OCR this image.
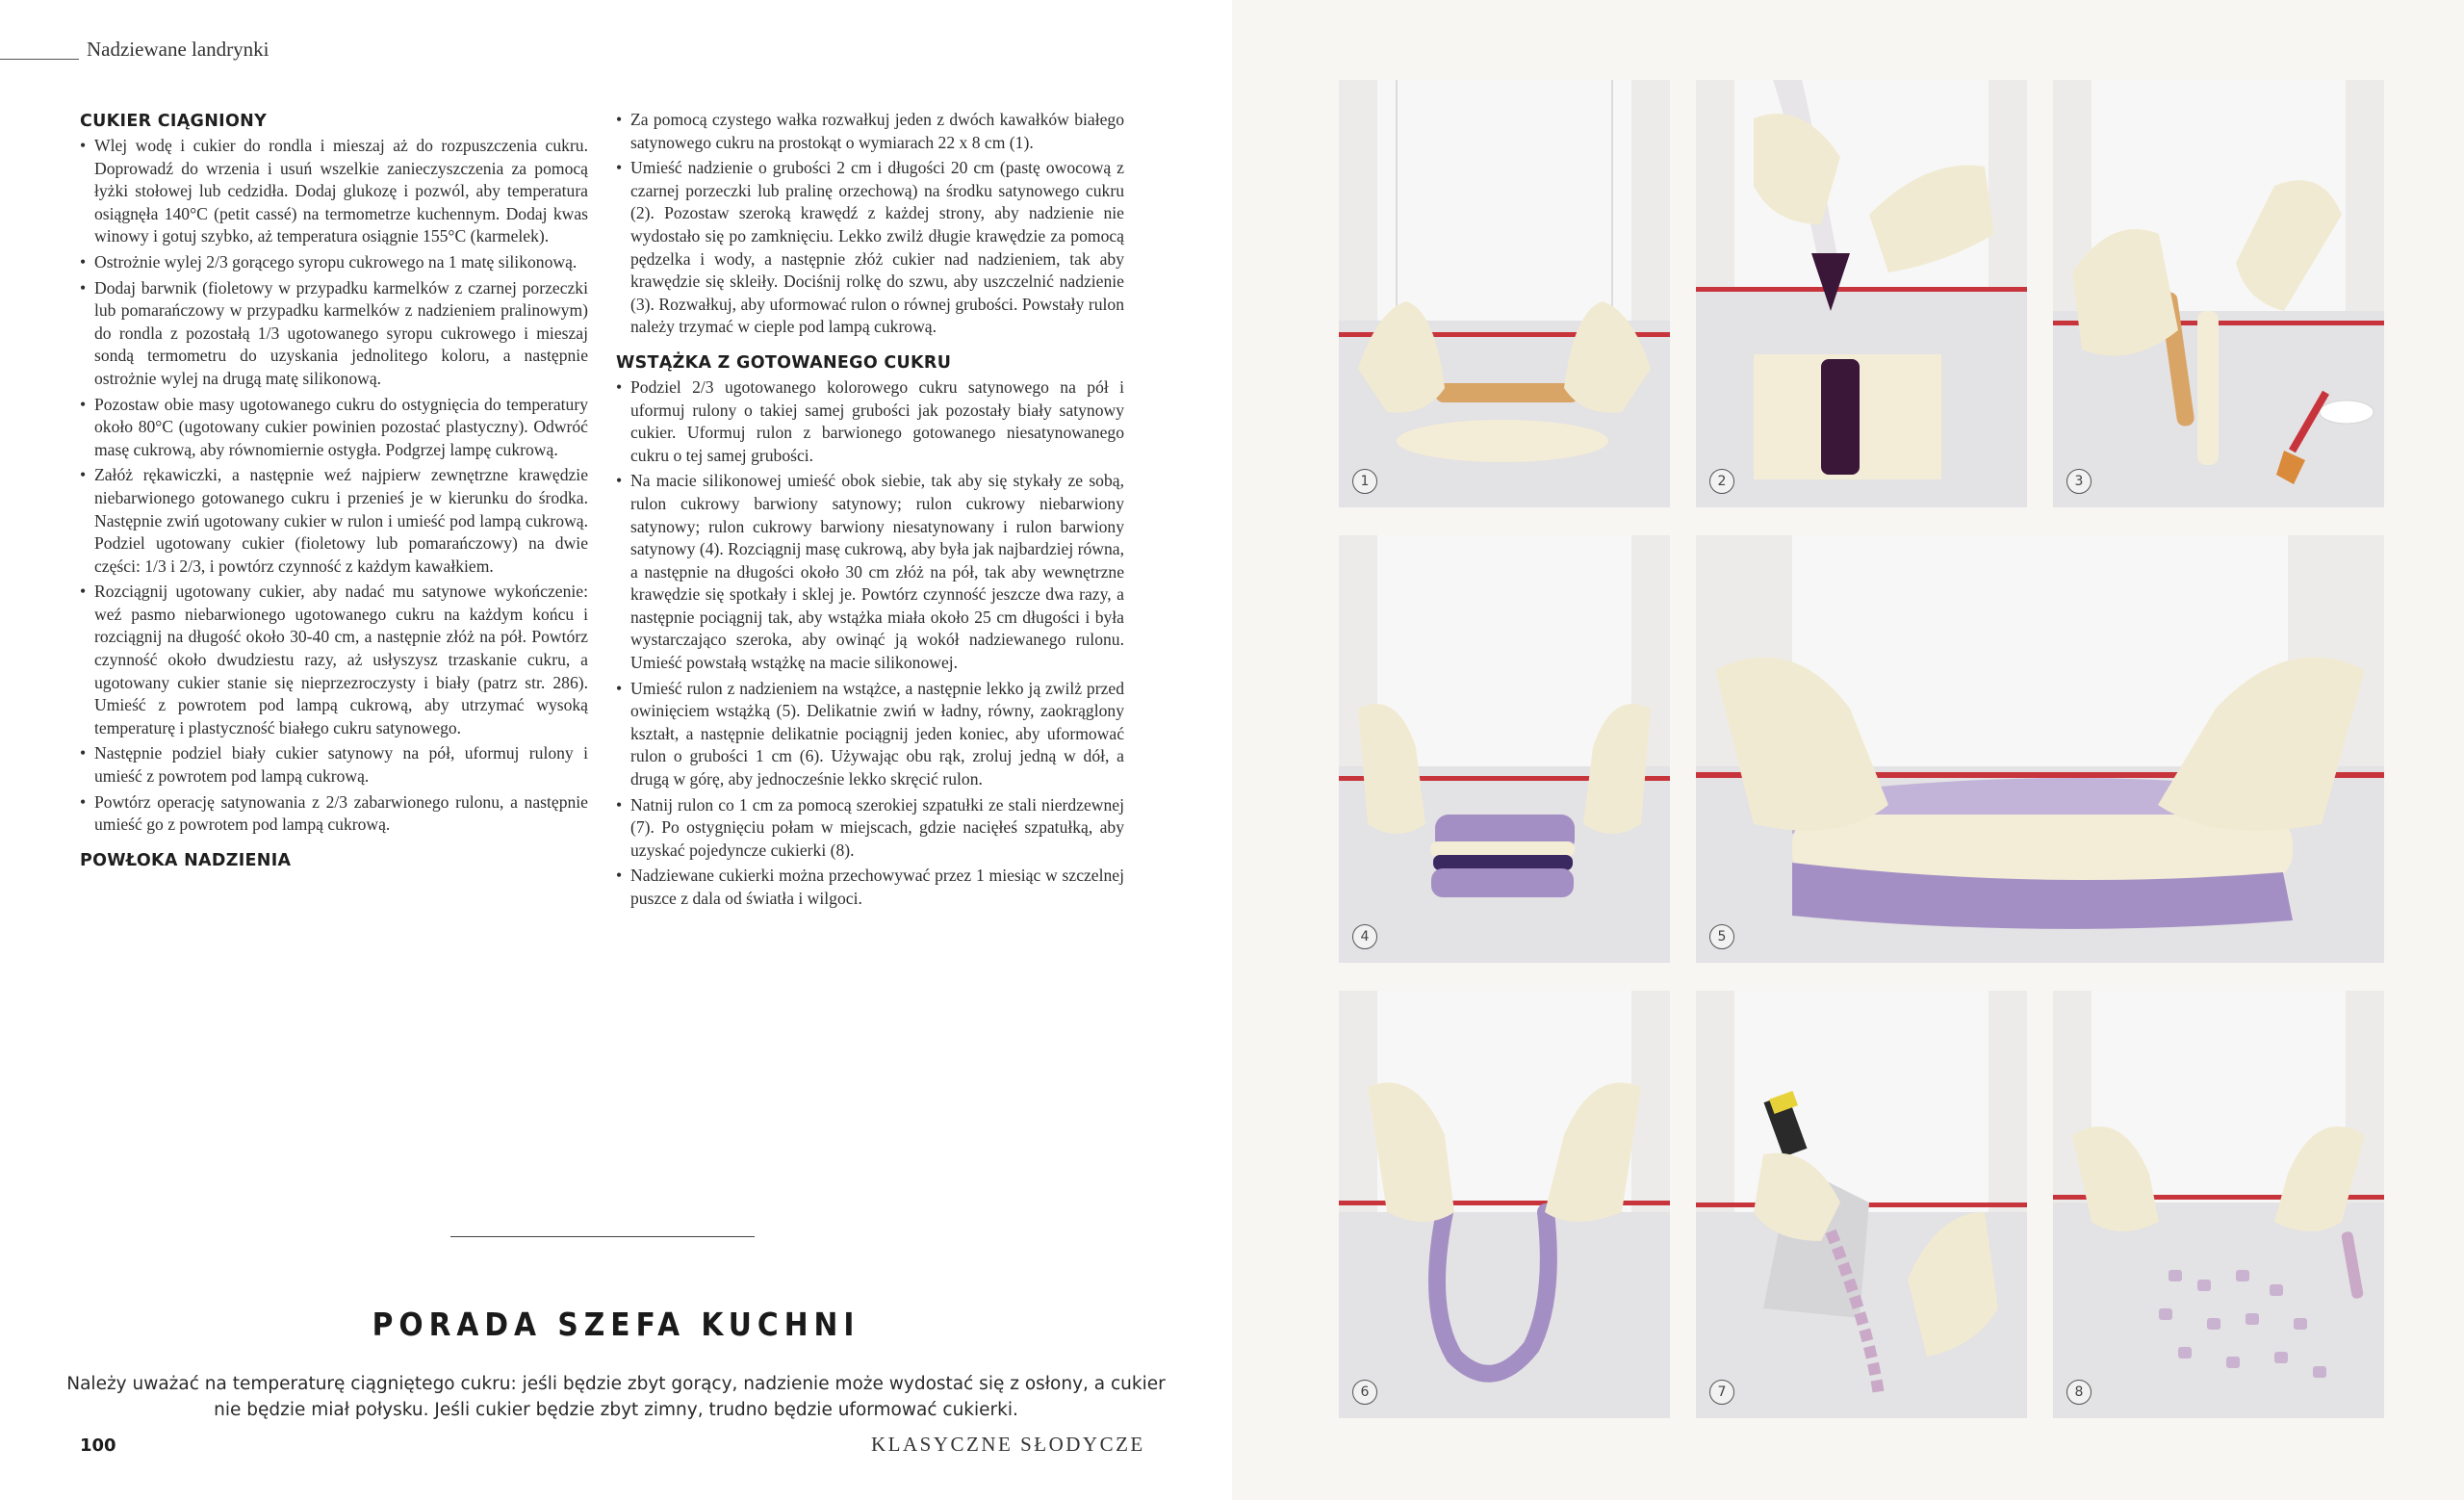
Nadziewane landrynki
CUKIER CIĄGNIONY
• Wlej wodę i cukier do rondla i mieszaj aż do rozpuszczenia cukru. Doprowadź do wrzenia i usuń wszelkie zanieczyszczenia za pomocą łyżki stołowej lub cedzidła. Dodaj glukozę i pozwól, aby temperatura osiągnęła 140°C (petit cassé) na termometrze kuchennym. Dodaj kwas winowy i gotuj szybko, aż temperatura osiągnie 155°C (karmelek).
• Ostrożnie wylej 2/3 gorącego syropu cukrowego na 1 matę silikonową.
• Dodaj barwnik (fioletowy w przypadku karmelków z czarnej porzeczki lub pomarańczowy w przypadku karmelków z nadzieniem pralinowym) do rondla z pozostałą 1/3 ugotowanego syropu cukrowego i mieszaj sondą termometru do uzyskania jednolitego koloru, a następnie ostrożnie wylej na drugą matę silikonową.
• Pozostaw obie masy ugotowanego cukru do ostygnięcia do temperatury około 80°C (ugotowany cukier powinien pozostać plastyczny). Odwróć masę cukrową, aby równomiernie ostygła. Podgrzej lampę cukrową.
• Załóż rękawiczki, a następnie weź najpierw zewnętrzne krawędzie niebarwionego gotowanego cukru i przenieś je w kierunku do środka. Następnie zwiń ugotowany cukier w rulon i umieść pod lampą cukrową. Podziel ugotowany cukier (fioletowy lub pomarańczowy) na dwie części: 1/3 i 2/3, i powtórz czynność z każdym kawałkiem.
• Rozciągnij ugotowany cukier, aby nadać mu satynowe wykończenie: weź pasmo niebarwionego ugotowanego cukru na każdym końcu i rozciągnij na długość około 30-40 cm, a następnie złóż na pół. Powtórz czynność około dwudziestu razy, aż usłyszysz trzaskanie cukru, a ugotowany cukier stanie się nieprzezroczysty i biały (patrz str. 286). Umieść z powrotem pod lampą cukrową, aby utrzymać wysoką temperaturę i plastyczność białego cukru satynowego.
• Następnie podziel biały cukier satynowy na pół, uformuj rulony i umieść z powrotem pod lampą cukrową.
• Powtórz operację satynowania z 2/3 zabarwionego rulonu, a następnie umieść go z powrotem pod lampą cukrową.
POWŁOKA NADZIENIA
• Za pomocą czystego wałka rozwałkuj jeden z dwóch kawałków białego satynowego cukru na prostokąt o wymiarach 22 x 8 cm (1).
• Umieść nadzienie o grubości 2 cm i długości 20 cm (pastę owocową z czarnej porzeczki lub pralinę orzechową) na środku satynowego cukru (2). Pozostaw szeroką krawędź z każdej strony, aby nadzienie nie wydostało się po zamknięciu. Lekko zwilż długie krawędzie za pomocą pędzelka i wody, a następnie złóż cukier nad nadzieniem, tak aby krawędzie się skleiły. Dociśnij rolkę do szwu, aby uszczelnić nadzienie (3). Rozwałkuj, aby uformować rulon o równej grubości. Powstały rulon należy trzymać w cieple pod lampą cukrową.
WSTĄŻKA Z GOTOWANEGO CUKRU
• Podziel 2/3 ugotowanego kolorowego cukru satynowego na pół i uformuj rulony o takiej samej grubości jak pozostały biały satynowy cukier. Uformuj rulon z barwionego gotowanego niesatynowanego cukru o tej samej grubości.
• Na macie silikonowej umieść obok siebie, tak aby się stykały ze sobą, rulon cukrowy barwiony satynowy; rulon cukrowy niebarwiony satynowy; rulon cukrowy barwiony niesatynowany i rulon barwiony satynowy (4). Rozciągnij masę cukrową, aby była jak najbardziej równa, a następnie na długości około 30 cm złóż na pół, tak aby wewnętrzne krawędzie się spotkały i sklej je. Powtórz czynność jeszcze dwa razy, a następnie pociągnij tak, aby wstążka miała około 25 cm długości i była wystarczająco szeroka, aby owinąć ją wokół nadziewanego rulonu. Umieść powstałą wstążkę na macie silikonowej.
• Umieść rulon z nadzieniem na wstążce, a następnie lekko ją zwilż przed owinięciem wstążką (5). Delikatnie zwiń w ładny, równy, zaokrąglony kształt, a następnie delikatnie pociągnij jeden koniec, aby uformować rulon o grubości 1 cm (6). Używając obu rąk, zroluj jedną w dół, a drugą w górę, aby jednocześnie lekko skręcić rulon.
• Natnij rulon co 1 cm za pomocą szerokiej szpatułki ze stali nierdzewnej (7). Po ostygnięciu połam w miejscach, gdzie nacięłeś szpatułką, aby uzyskać pojedyncze cukierki (8).
• Nadziewane cukierki można przechowywać przez 1 miesiąc w szczelnej puszce z dala od światła i wilgoci.
PORADA SZEFA KUCHNI
Należy uważać na temperaturę ciągniętego cukru: jeśli będzie zbyt gorący, nadzienie może wydostać się z osłony, a cukier nie będzie miał połysku. Jeśli cukier będzie zbyt zimny, trudno będzie uformować cukierki.
100	KLASYCZNE SŁODYCZE
1	2	3
4	5
6	7	8
